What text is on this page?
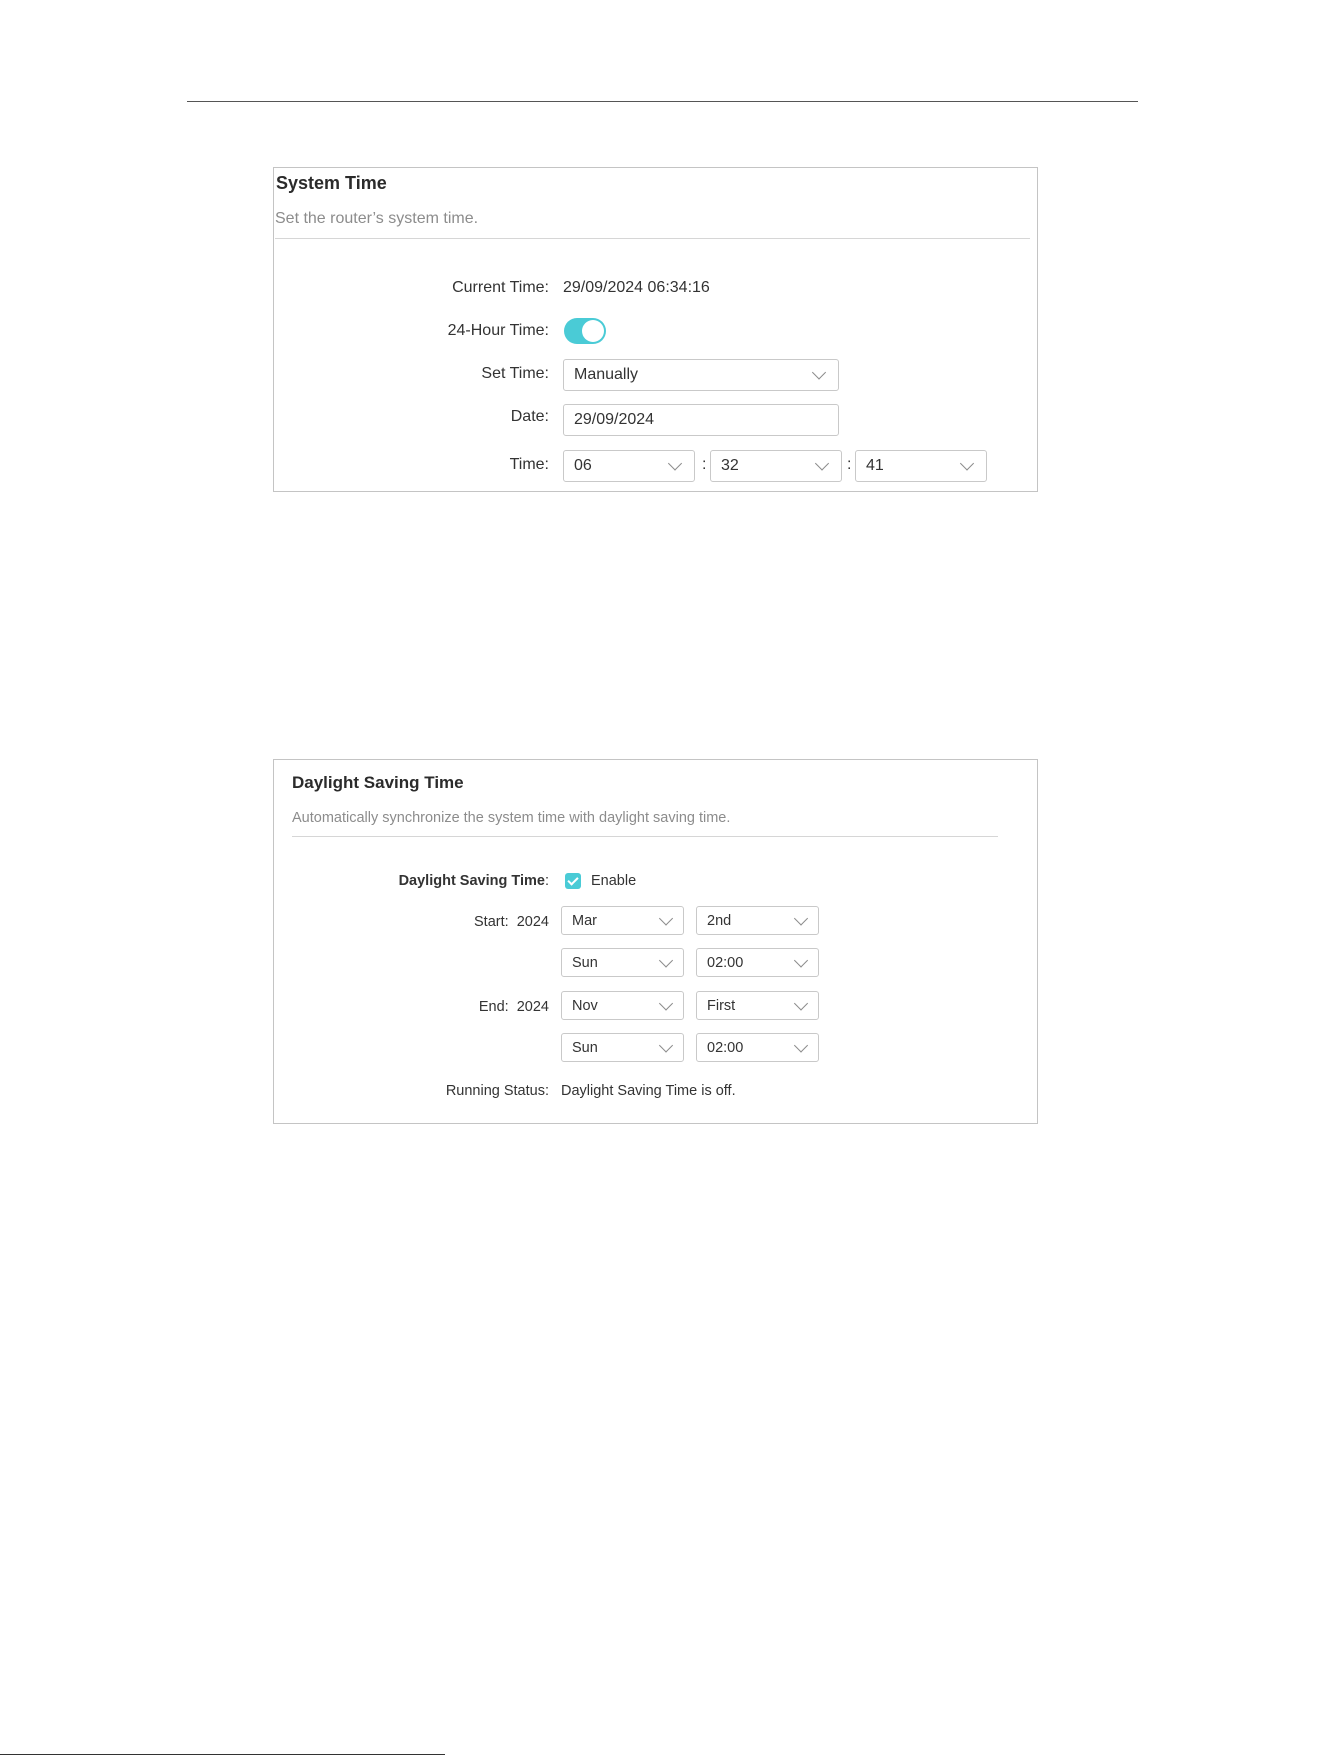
System Time
Set the router’s system time.
Current Time: 29/09/2024 06:34:16
24-Hour Time:
Set Time: Manually
Date: 29/09/2024
Time: 06	: 32	: 41
Daylight Saving Time
Automatically synchronize the system time with daylight saving time.
Daylight Saving Time:	Enable
Start: 2024 Mar	2nd
Sun	02:00
End: 2024 Nov	First
Sun	02:00
Running Status: Daylight Saving Time is off.
